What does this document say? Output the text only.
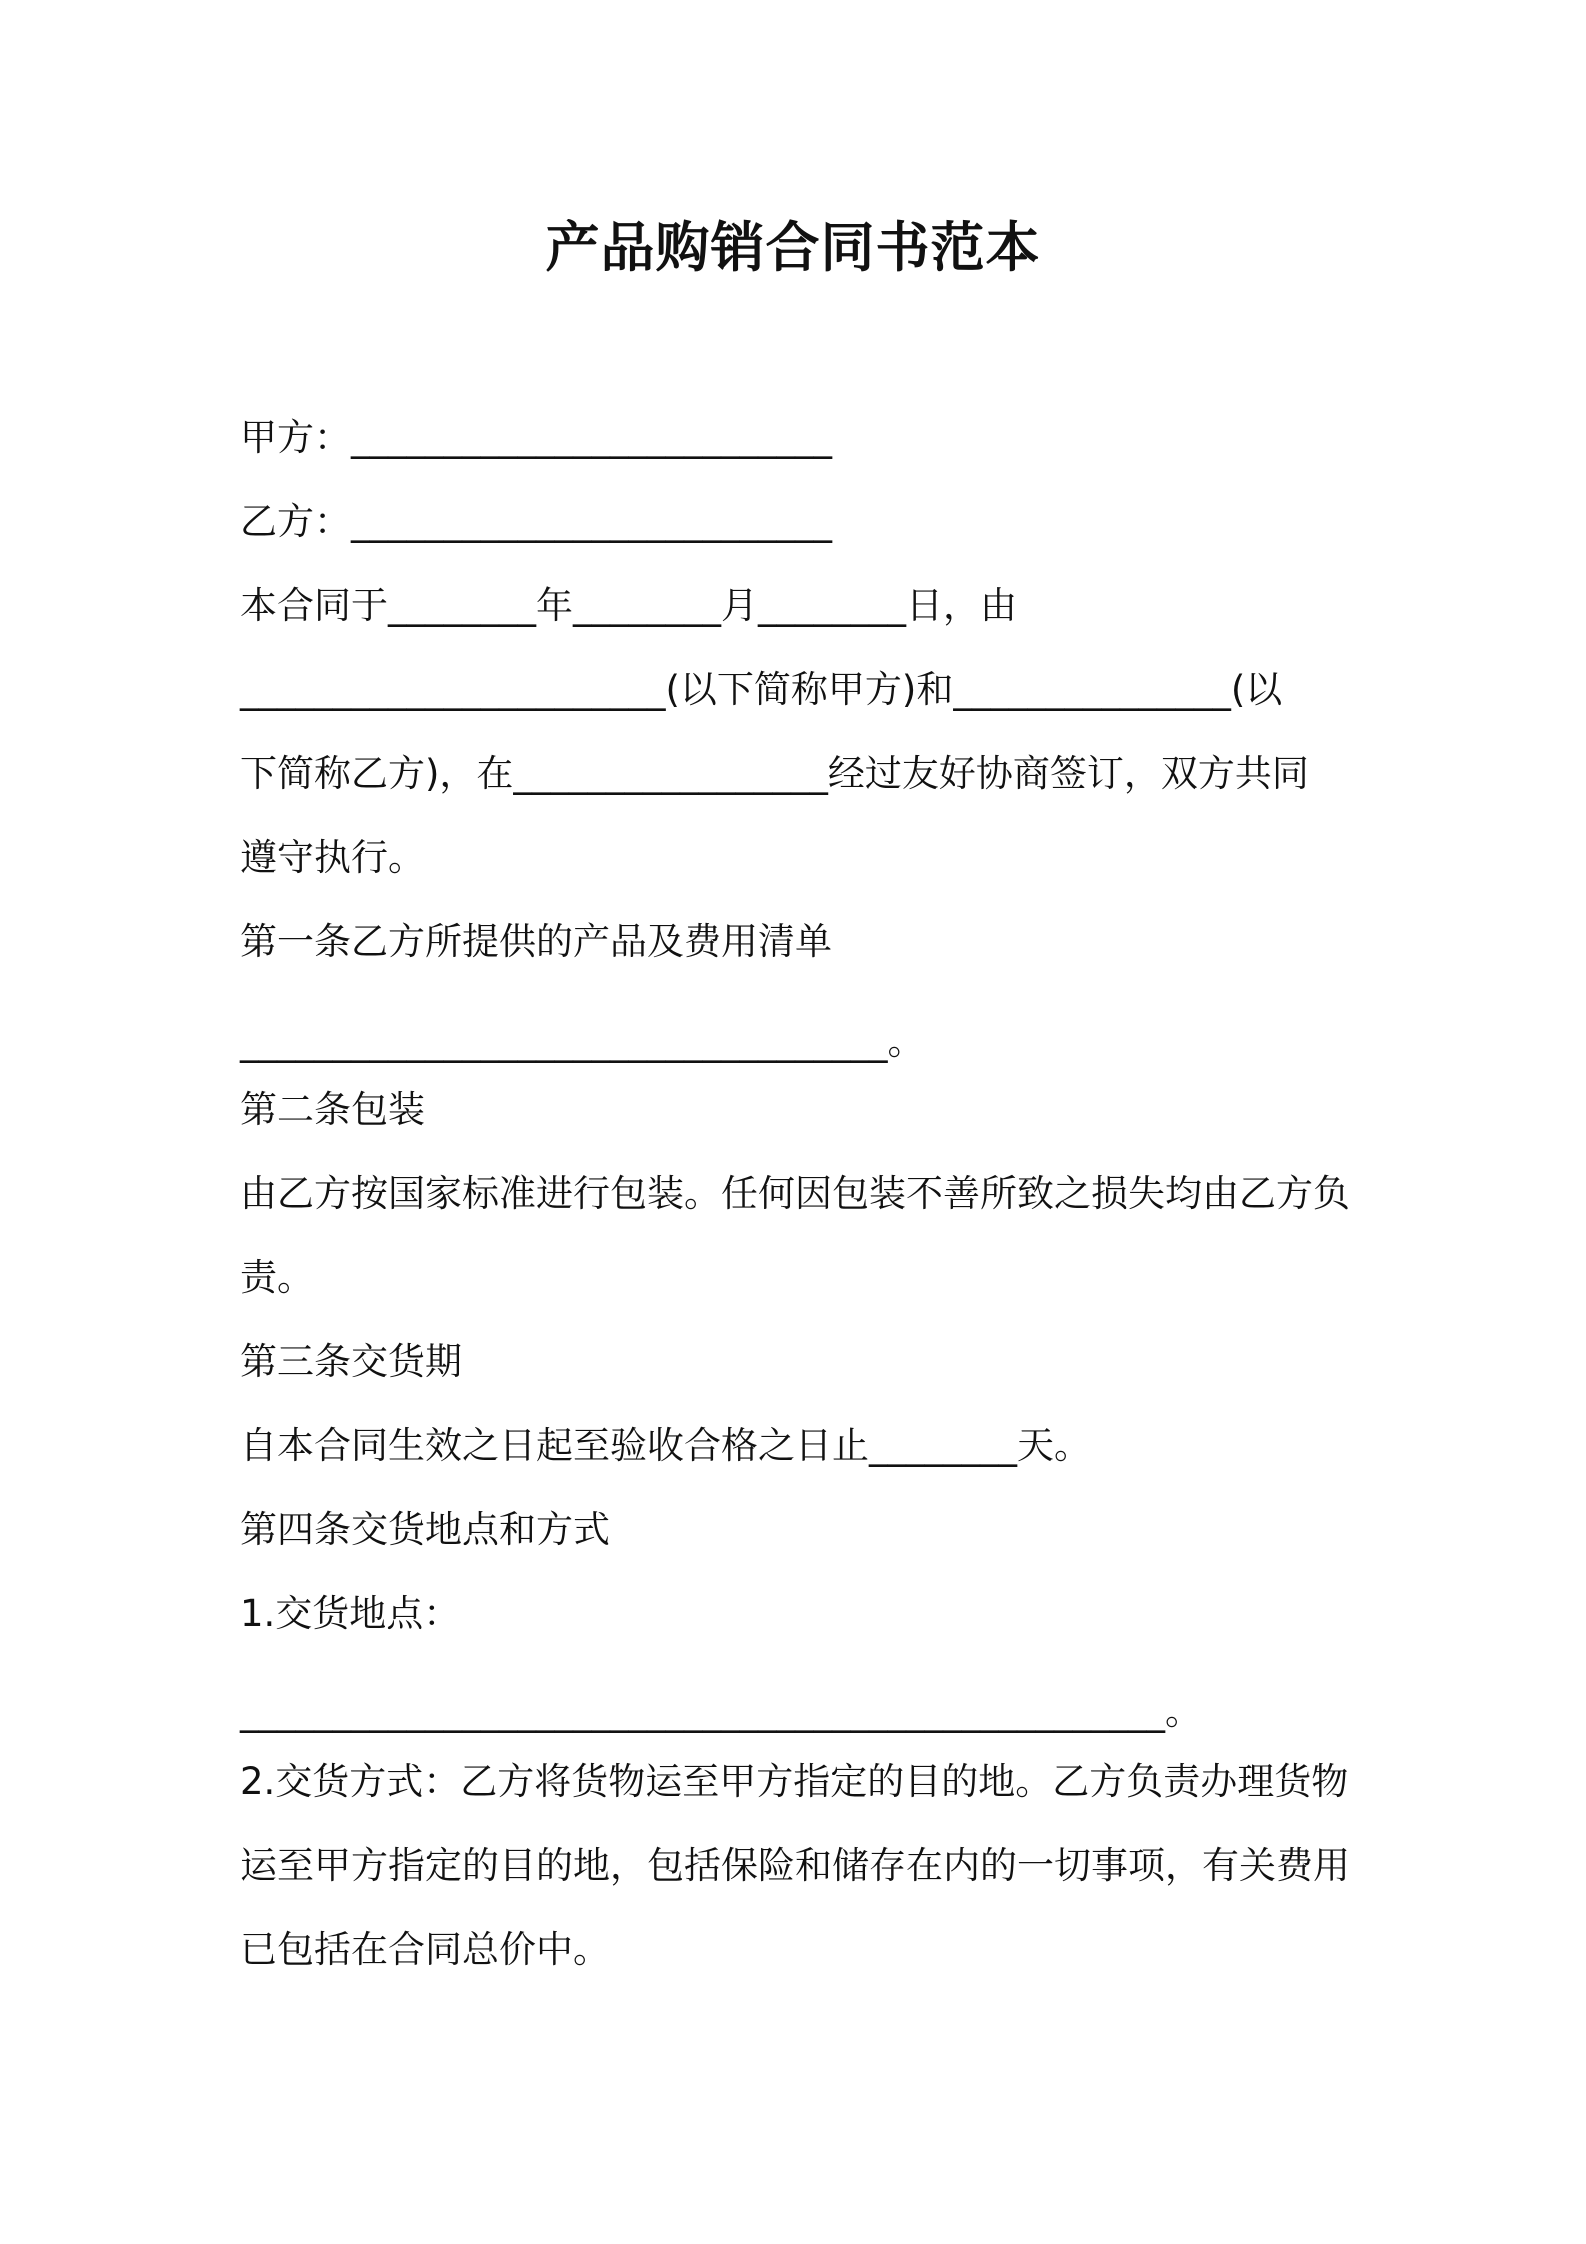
产品购销合同书范本
甲方：__________________________
乙方：__________________________
本合同于________年________月________日，由
_______________________(以下简称甲方)和_______________(以
下简称乙方)，在_________________经过友好协商签订，双方共同
遵守执行。
第一条乙方所提供的产品及费用清单
___________________________________。
第二条包装
由乙方按国家标准进行包装。任何因包装不善所致之损失均由乙方负
责。
第三条交货期
自本合同生效之日起至验收合格之日止________天。
第四条交货地点和方式
1.交货地点：
__________________________________________________。
2.交货方式：乙方将货物运至甲方指定的目的地。乙方负责办理货物
运至甲方指定的目的地，包括保险和储存在内的一切事项，有关费用
已包括在合同总价中。
